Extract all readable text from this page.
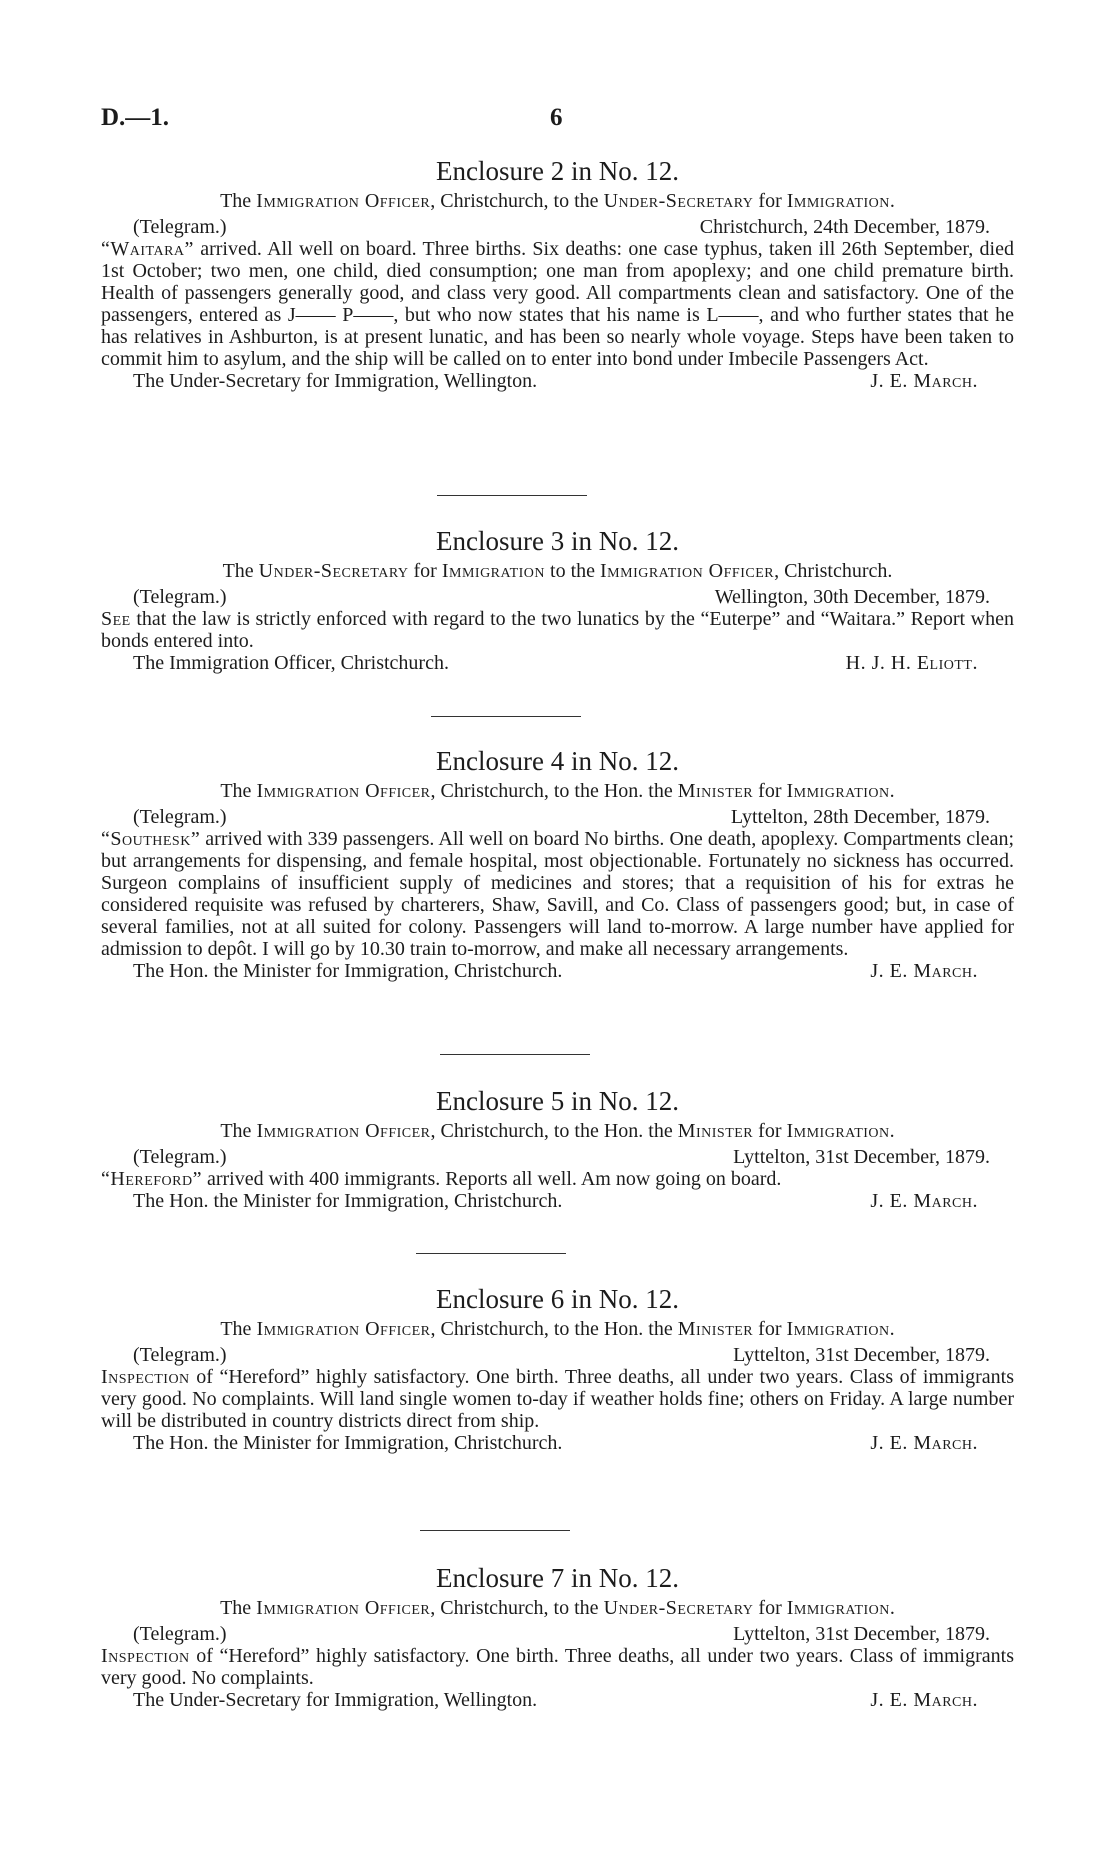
D.—1.	6
Enclosure 2 in No. 12.
The Immigration Officer, Christchurch, to the Under-Secretary for Immigration.
(Telegram.)	Christchurch, 24th December, 1879.
“Waitara” arrived. All well on board. Three births. Six deaths: one case typhus, taken ill 26th September, died 1st October; two men, one child, died consumption; one man from apoplexy; and one child premature birth. Health of passengers generally good, and class very good. All compartments clean and satisfactory. One of the passengers, entered as J—— P——, but who now states that his name is L——, and who further states that he has relatives in Ashburton, is at present lunatic, and has been so nearly whole voyage. Steps have been taken to commit him to asylum, and the ship will be called on to enter into bond under Imbecile Passengers Act.
The Under-Secretary for Immigration, Wellington.	J. E. March.
Enclosure 3 in No. 12.
The Under-Secretary for Immigration to the Immigration Officer, Christchurch.
(Telegram.)	Wellington, 30th December, 1879.
See that the law is strictly enforced with regard to the two lunatics by the “Euterpe” and “Waitara.” Report when bonds entered into.
The Immigration Officer, Christchurch.	H. J. H. Eliott.
Enclosure 4 in No. 12.
The Immigration Officer, Christchurch, to the Hon. the Minister for Immigration.
(Telegram.)	Lyttelton, 28th December, 1879.
“Southesk” arrived with 339 passengers. All well on board No births. One death, apoplexy. Compartments clean; but arrangements for dispensing, and female hospital, most objectionable. Fortunately no sickness has occurred. Surgeon complains of insufficient supply of medicines and stores; that a requisition of his for extras he considered requisite was refused by charterers, Shaw, Savill, and Co. Class of passengers good; but, in case of several families, not at all suited for colony. Passengers will land to-morrow. A large number have applied for admission to depôt. I will go by 10.30 train to-morrow, and make all necessary arrangements.
The Hon. the Minister for Immigration, Christchurch.	J. E. March.
Enclosure 5 in No. 12.
The Immigration Officer, Christchurch, to the Hon. the Minister for Immigration.
(Telegram.)	Lyttelton, 31st December, 1879.
“Hereford” arrived with 400 immigrants. Reports all well. Am now going on board.
The Hon. the Minister for Immigration, Christchurch.	J. E. March.
Enclosure 6 in No. 12.
The Immigration Officer, Christchurch, to the Hon. the Minister for Immigration.
(Telegram.)	Lyttelton, 31st December, 1879.
Inspection of “Hereford” highly satisfactory. One birth. Three deaths, all under two years. Class of immigrants very good. No complaints. Will land single women to-day if weather holds fine; others on Friday. A large number will be distributed in country districts direct from ship.
The Hon. the Minister for Immigration, Christchurch.	J. E. March.
Enclosure 7 in No. 12.
The Immigration Officer, Christchurch, to the Under-Secretary for Immigration.
(Telegram.)	Lyttelton, 31st December, 1879.
Inspection of “Hereford” highly satisfactory. One birth. Three deaths, all under two years. Class of immigrants very good. No complaints.
The Under-Secretary for Immigration, Wellington.	J. E. March.
